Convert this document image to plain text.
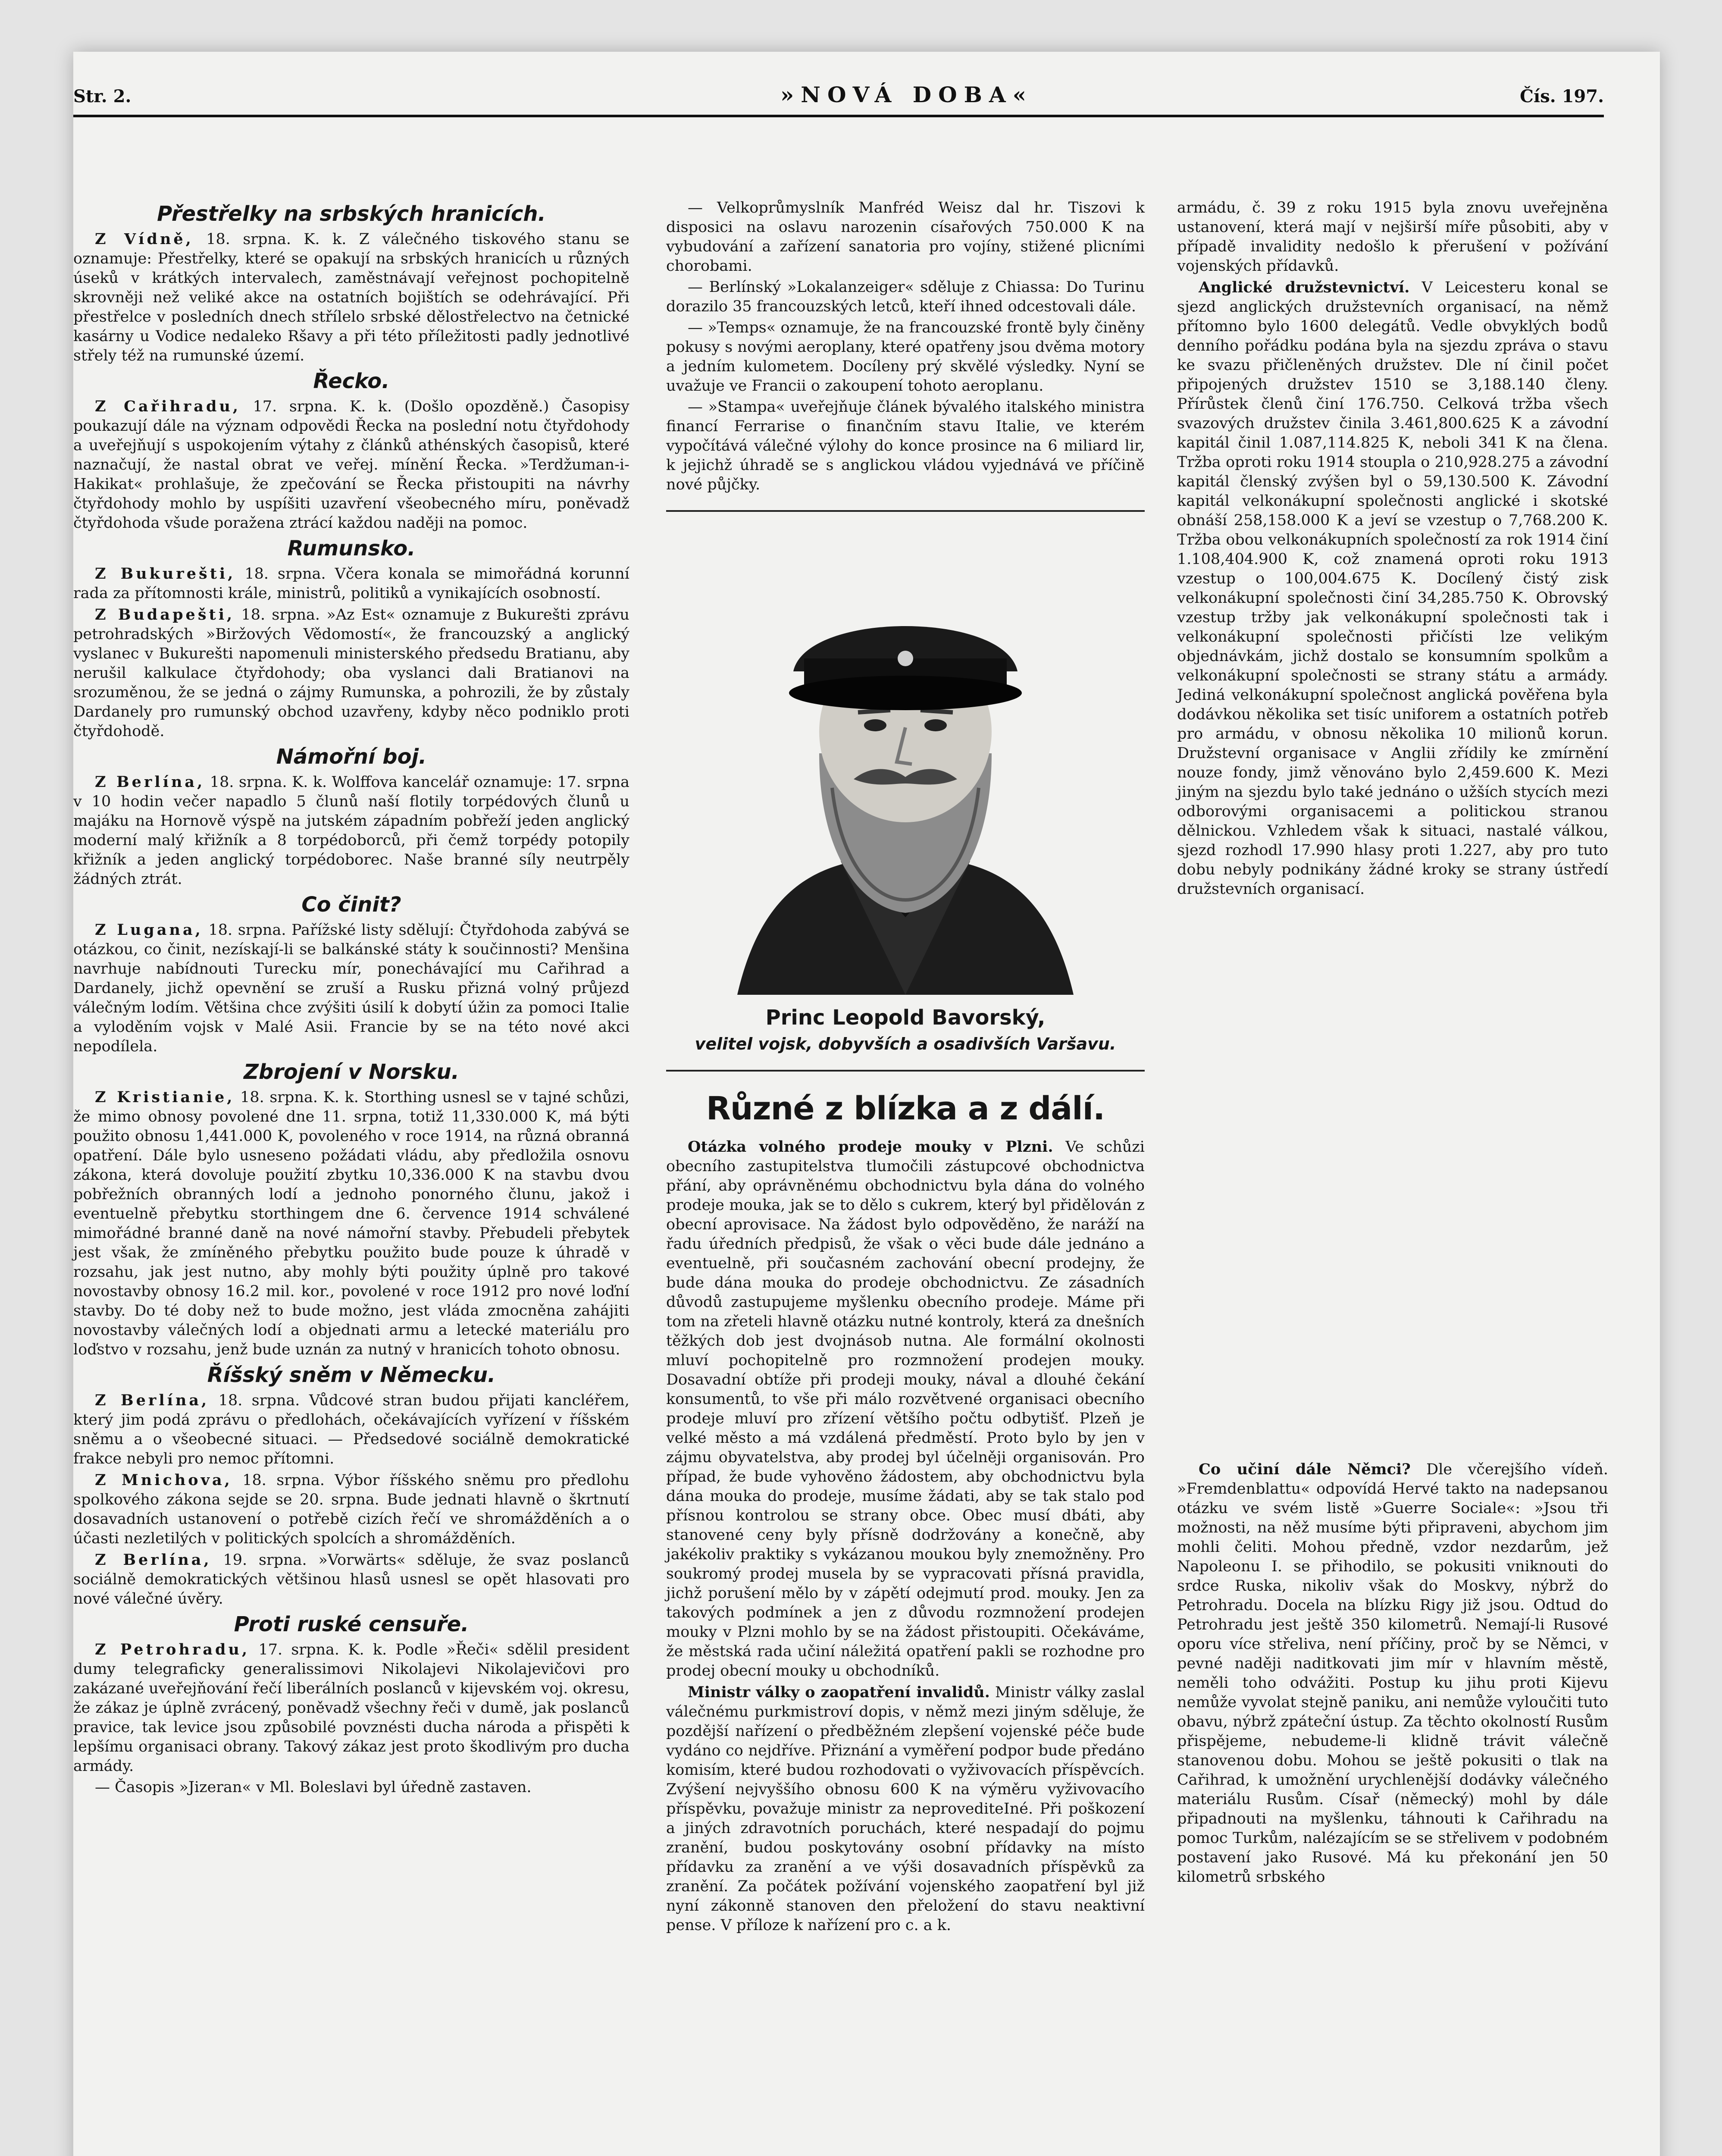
Str. 2.	»NOVÁ DOBA«	Čís. 197.
Přestřelky na srbských hranicích.

Z Vídně, 18. srpna. K. k. Z válečného tiskového stanu se oznamuje: Přestřelky, které se opakují na srbských hranicích u různých úseků v krátkých intervalech, zaměstnávají veřejnost pochopitelně skrovněji než veliké akce na ostatních bojištích se odehrávající. Při přestřelce v posledních dnech střílelo srbské dělostřelectvo na četnické kasárny u Vodice nedaleko Ršavy a při této příležitosti padly jednotlivé střely též na rumunské území.

Řecko.

Z Cařihradu, 17. srpna. K. k. (Došlo opozděně.) Časopisy poukazují dále na význam odpovědi Řecka na poslední notu čtyřdohody a uveřejňují s uspokojením výtahy z článků athénských časopisů, které naznačují, že nastal obrat ve veřej. mínění Řecka. »Terdžuman-i-Hakikat« prohlašuje, že zpečování se Řecka přistoupiti na návrhy čtyřdohody mohlo by uspíšiti uzavření všeobecného míru, poněvadž čtyřdohoda všude poražena ztrácí každou naději na pomoc.

Rumunsko.

Z Bukurešti, 18. srpna. Včera konala se mimořádná korunní rada za přítomnosti krále, ministrů, politiků a vynikajících osobností.

Z Budapešti, 18. srpna. »Az Est« oznamuje z Bukurešti zprávu petrohradských »Biržových Vědomostí«, že francouzský a anglický vyslanec v Bukurešti napomenuli ministerského předsedu Bratianu, aby nerušil kalkulace čtyřdohody; oba vyslanci dali Bratianovi na srozuměnou, že se jedná o zájmy Rumunska, a pohrozili, že by zůstaly Dardanely pro rumunský obchod uzavřeny, kdyby něco podniklo proti čtyřdohodě.

Námořní boj.

Z Berlína, 18. srpna. K. k. Wolffova kancelář oznamuje: 17. srpna v 10 hodin večer napadlo 5 člunů naší flotily torpédových člunů u majáku na Hornově výspě na jutském západním pobřeží jeden anglický moderní malý křižník a 8 torpédoborců, při čemž torpédy potopily křižník a jeden anglický torpédoborec. Naše branné síly neutrpěly žádných ztrát.

Co činit?

Z Lugana, 18. srpna. Pařížské listy sdělují: Čtyřdohoda zabývá se otázkou, co činit, nezískají-li se balkánské státy k součinnosti? Menšina navrhuje nabídnouti Turecku mír, ponechávající mu Cařihrad a Dardanely, jichž opevnění se zruší a Rusku přizná volný průjezd válečným lodím. Většina chce zvýšiti úsilí k dobytí úžin za pomoci Italie a vyloděním vojsk v Malé Asii. Francie by se na této nové akci nepodílela.

Zbrojení v Norsku.

Z Kristianie, 18. srpna. K. k. Storthing usnesl se v tajné schůzi, že mimo obnosy povolené dne 11. srpna, totiž 11,330.000 K, má býti použito obnosu 1,441.000 K, povoleného v roce 1914, na různá obranná opatření. Dále bylo usneseno požádati vládu, aby předložila osnovu zákona, která dovoluje použití zbytku 10,336.000 K na stavbu dvou pobřežních obranných lodí a jednoho ponorného člunu, jakož i eventuelně přebytku storthingem dne 6. července 1914 schválené mimořádné branné daně na nové námořní stavby. Přebudeli přebytek jest však, že zmíněného přebytku použito bude pouze k úhradě v rozsahu, jak jest nutno, aby mohly býti použity úplně pro takové novostavby obnosy 16.2 mil. kor., povolené v roce 1912 pro nové loďní stavby. Do té doby než to bude možno, jest vláda zmocněna zahájiti novostavby válečných lodí a objednati armu a letecké materiálu pro loďstvo v rozsahu, jenž bude uznán za nutný v hranicích tohoto obnosu.

Říšský sněm v Německu.

Z Berlína, 18. srpna. Vůdcové stran budou přijati kancléřem, který jim podá zprávu o předlohách, očekávajících vyřízení v říšském sněmu a o všeobecné situaci. — Předsedové sociálně demokratické frakce nebyli pro nemoc přítomni.

Z Mnichova, 18. srpna. Výbor říšského sněmu pro předlohu spolkového zákona sejde se 20. srpna. Bude jednati hlavně o škrtnutí dosavadních ustanovení o potřebě cizích řečí ve shromážděních a o účasti nezletilých v politických spolcích a shromážděních.

Z Berlína, 19. srpna. »Vorwärts« sděluje, že svaz poslanců sociálně demokratických většinou hlasů usnesl se opět hlasovati pro nové válečné úvěry.

Proti ruské censuře.

Z Petrohradu, 17. srpna. K. k. Podle »Řeči« sdělil president dumy telegraficky generalissimovi Nikolajevi Nikolajevičovi pro zakázané uveřejňování řečí liberálních poslanců v kijevském voj. okresu, že zákaz je úplně zvrácený, poněvadž všechny řeči v dumě, jak poslanců pravice, tak levice jsou způsobilé povznésti ducha národa a přispěti k lepšímu organisaci obrany. Takový zákaz jest proto škodlivým pro ducha armády.

— Časopis »Jizeran« v Ml. Boleslavi byl úředně zastaven.

— Velkoprůmyslník Manfréd Weisz dal hr. Tiszovi k disposici na oslavu narozenin císařových 750.000 K na vybudování a zařízení sanatoria pro vojíny, stižené plicními chorobami.

— Berlínský »Lokalanzeiger« sděluje z Chiassa: Do Turinu dorazilo 35 francouzských letců, kteří ihned odcestovali dále.

— »Temps« oznamuje, že na francouzské frontě byly činěny pokusy s novými aeroplany, které opatřeny jsou dvěma motory a jedním kulometem. Docíleny prý skvělé výsledky. Nyní se uvažuje ve Francii o zakoupení tohoto aeroplanu.

— »Stampa« uveřejňuje článek bývalého italského ministra financí Ferrarise o finančním stavu Italie, ve kterém vypočítává válečné výlohy do konce prosince na 6 miliard lir, k jejichž úhradě se s anglickou vládou vyjednává ve příčině nové půjčky.

Princ Leopold Bavorský,
velitel vojsk, dobyvších a osadivších Varšavu.
Různé z blízka a z dálí.

Otázka volného prodeje mouky v Plzni. Ve schůzi obecního zastupitelstva tlumočili zástupcové obchodnictva přání, aby oprávněnému obchodnictvu byla dána do volného prodeje mouka, jak se to dělo s cukrem, který byl přidělován z obecní aprovisace. Na žádost bylo odpověděno, že naráží na řadu úředních předpisů, že však o věci bude dále jednáno a eventuelně, při současném zachování obecní prodejny, že bude dána mouka do prodeje obchodnictvu. Ze zásadních důvodů zastupujeme myšlenku obecního prodeje. Máme při tom na zřeteli hlavně otázku nutné kontroly, která za dnešních těžkých dob jest dvojnásob nutna. Ale formální okolnosti mluví pochopitelně pro rozmnožení prodejen mouky. Dosavadní obtíže při prodeji mouky, nával a dlouhé čekání konsumentů, to vše při málo rozvětvené organisaci obecního prodeje mluví pro zřízení většího počtu odbytišť. Plzeň je velké město a má vzdálená předměstí. Proto bylo by jen v zájmu obyvatelstva, aby prodej byl účelněji organisován. Pro případ, že bude vyhověno žádostem, aby obchodnictvu byla dána mouka do prodeje, musíme žádati, aby se tak stalo pod přísnou kontrolou se strany obce. Obec musí dbáti, aby stanovené ceny byly přísně dodržovány a konečně, aby jakékoliv praktiky s vykázanou moukou byly znemožněny. Pro soukromý prodej musela by se vypracovati přísná pravidla, jichž porušení mělo by v zápětí odejmutí prod. mouky. Jen za takových podmínek a jen z důvodu rozmnožení prodejen mouky v Plzni mohlo by se na žádost přistoupiti. Očekáváme, že městská rada učiní náležitá opatření pakli se rozhodne pro prodej obecní mouky u obchodníků.

Ministr války o zaopatření invalidů. Ministr války zaslal válečnému purkmistroví dopis, v němž mezi jiným sděluje, že pozdější nařízení o předběžném zlepšení vojenské péče bude vydáno co nejdříve. Přiznání a vyměření podpor bude předáno komisím, které budou rozhodovati o vyživovacích příspěvcích. Zvýšení nejvyššího obnosu 600 K na výměru vyživovacího příspěvku, považuje ministr za neprovediteIné. Při poškození a jiných zdravotních poruchách, které nespadají do pojmu zranění, budou poskytovány osobní přídavky na místo přídavku za zranění a ve výši dosavadních příspěvků za zranění. Za počátek požívání vojenského zaopatření byl již nyní zákonně stanoven den přeložení do stavu neaktivní pense. V příloze k nařízení pro c. a k.

armádu, č. 39 z roku 1915 byla znovu uveřejněna ustanovení, která mají v nejširší míře působiti, aby v případě invalidity nedošlo k přerušení v požívání vojenských přídavků.

Anglické družstevnictví. V Leicesteru konal se sjezd anglických družstevních organisací, na němž přítomno bylo 1600 delegátů. Vedle obvyklých bodů denního pořádku podána byla na sjezdu zpráva o stavu ke svazu přičleněných družstev. Dle ní činil počet připojených družstev 1510 se 3,188.140 členy. Přírůstek členů činí 176.750. Celková tržba všech svazových družstev činila 3.461,800.625 K a závodní kapitál činil 1.087,114.825 K, neboli 341 K na člena. Tržba oproti roku 1914 stoupla o 210,928.275 a závodní kapitál členský zvýšen byl o 59,130.500 K. Závodní kapitál velkonákupní společnosti anglické i skotské obnáší 258,158.000 K a jeví se vzestup o 7,768.200 K. Tržba obou velkonákupních společností za rok 1914 činí 1.108,404.900 K, což znamená oproti roku 1913 vzestup o 100,004.675 K. Docílený čistý zisk velkonákupní společnosti činí 34,285.750 K. Obrovský vzestup tržby jak velkonákupní společnosti tak i velkonákupní společnosti přičísti lze velikým objednávkám, jichž dostalo se konsumním spolkům a velkonákupní společnosti se strany státu a armády. Jediná velkonákupní společnost anglická pověřena byla dodávkou několika set tisíc uniforem a ostatních potřeb pro armádu, v obnosu několika 10 milionů korun. Družstevní organisace v Anglii zřídily ke zmírnění nouze fondy, jimž věnováno bylo 2,459.600 K. Mezi jiným na sjezdu bylo také jednáno o užších stycích mezi odborovými organisacemi a politickou stranou dělnickou. Vzhledem však k situaci, nastalé válkou, sjezd rozhodl 17.990 hlasy proti 1.227, aby pro tuto dobu nebyly podnikány žádné kroky se strany ústředí družstevních organisací.

Co učiní dále Němci? Dle včerejšího vídeň. »Fremdenblattu« odpovídá Hervé takto na nadepsanou otázku ve svém listě »Guerre Sociale«: »Jsou tři možnosti, na něž musíme býti připraveni, abychom jim mohli čeliti. Mohou předně, vzdor nezdarům, jež Napoleonu I. se přihodilo, se pokusiti vniknouti do srdce Ruska, nikoliv však do Moskvy, nýbrž do Petrohradu. Docela na blízku Rigy již jsou. Odtud do Petrohradu jest ještě 350 kilometrů. Nemají-li Rusové oporu více střeliva, není příčiny, proč by se Němci, v pevné naději naditkovati jim mír v hlavním městě, neměli toho odvážiti. Postup ku jihu proti Kijevu nemůže vyvolat stejně paniku, ani nemůže vyloučiti tuto obavu, nýbrž zpáteční ústup. Za těchto okolností Rusům přispějeme, nebudeme-li klidně trávit válečně stanovenou dobu. Mohou se ještě pokusiti o tlak na Cařihrad, k umožnění urychlenější dodávky válečného materiálu Rusům. Císař (německý) mohl by dále připadnouti na myšlenku, táhnouti k Cařihradu na pomoc Turkům, nalézajícím se se střelivem v podobném postavení jako Rusové. Má ku překonání jen 50 kilometrů srbského
